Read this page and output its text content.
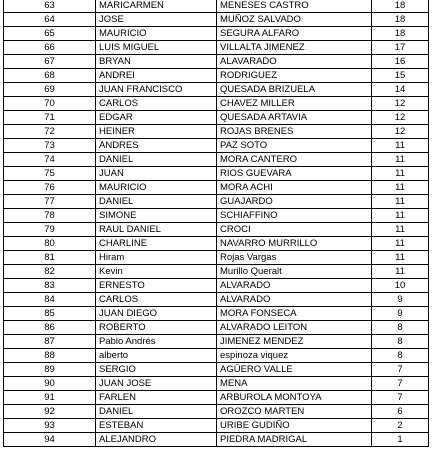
63	MARICARMEN	MENESES CASTRO	18
64	JOSE	MUÑOZ SALVADO	18
65	MAURICIO	SEGURA ALFARO	18
66	LUIS MIGUEL	VILLALTA JIMENEZ	17
67	BRYAN	ALAVARADO	16
68	ANDREI	RODRIGUEZ	15
69	JUAN FRANCISCO	QUESADA BRIZUELA	14
70	CARLOS	CHAVEZ MILLER	12
71	EDGAR	QUESADA ARTAVIA	12
72	HEINER	ROJAS BRENES	12
73	ANDRES	PAZ SOTO	11
74	DANIEL	MORA CANTERO	11
75	JUAN	RIOS GUEVARA	11
76	MAURICIO	MORA ACHI	11
77	DANIEL	GUAJARDO	11
78	SIMONE	SCHIAFFINO	11
79	RAUL DANIEL	CROCI	11
80	CHARLINE	NAVARRO MURRILLO	11
81	Hiram	Rojas Vargas	11
82	Kevin	Murillo Queralt	11
83	ERNESTO	ALVARADO	10
84	CARLOS	ALVARADO	9
85	JUAN DIEGO	MORA FONSECA	9
86	ROBERTO	ALVARADO LEITON	8
87	Pablo Andrés	JIMENEZ MENDEZ	8
88	alberto	espinoza viquez	8
89	SERGIO	AGÜERO VALLE	7
90	JUAN JOSE	MENA	7
91	FARLEN	ARBUROLA MONTOYA	7
92	DANIEL	OROZCO MARTEN	6
93	ESTEBAN	URIBE GUDIÑO	2
94	ALEJANDRO	PIEDRA MADRIGAL	1
